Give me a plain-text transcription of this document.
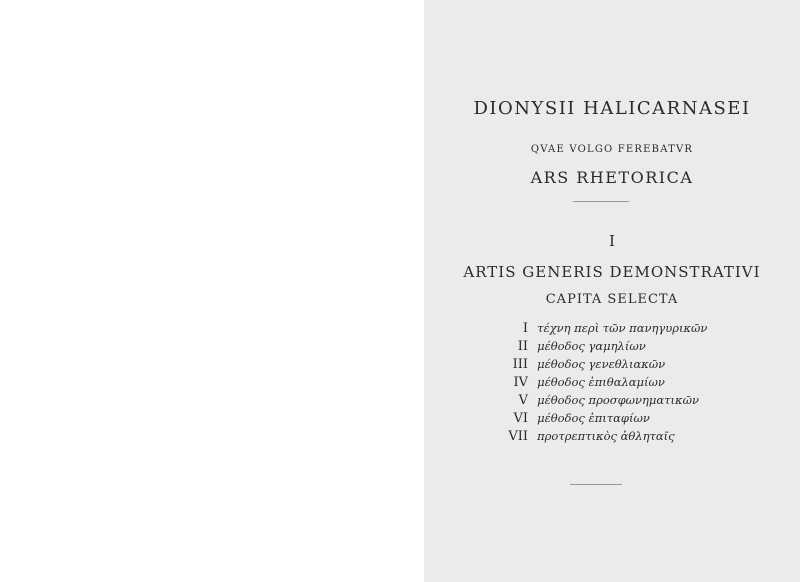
DIONYSII HALICARNASEI
QVAE VOLGO FEREBATVR
ARS RHETORICA
I
ARTIS GENERIS DEMONSTRATIVI
CAPITA SELECTA
I τέχνη περὶ τῶν πανηγυρικῶν
II μέθοδος γαμηλίων
III μέθοδος γενεθλιακῶν
IV μέθοδος ἐπιθαλαμίων
V μέθοδος προσφωνηματικῶν
VI μέθοδος ἐπιταφίων
VII προτρεπτικὸς ἀθληταῖς
